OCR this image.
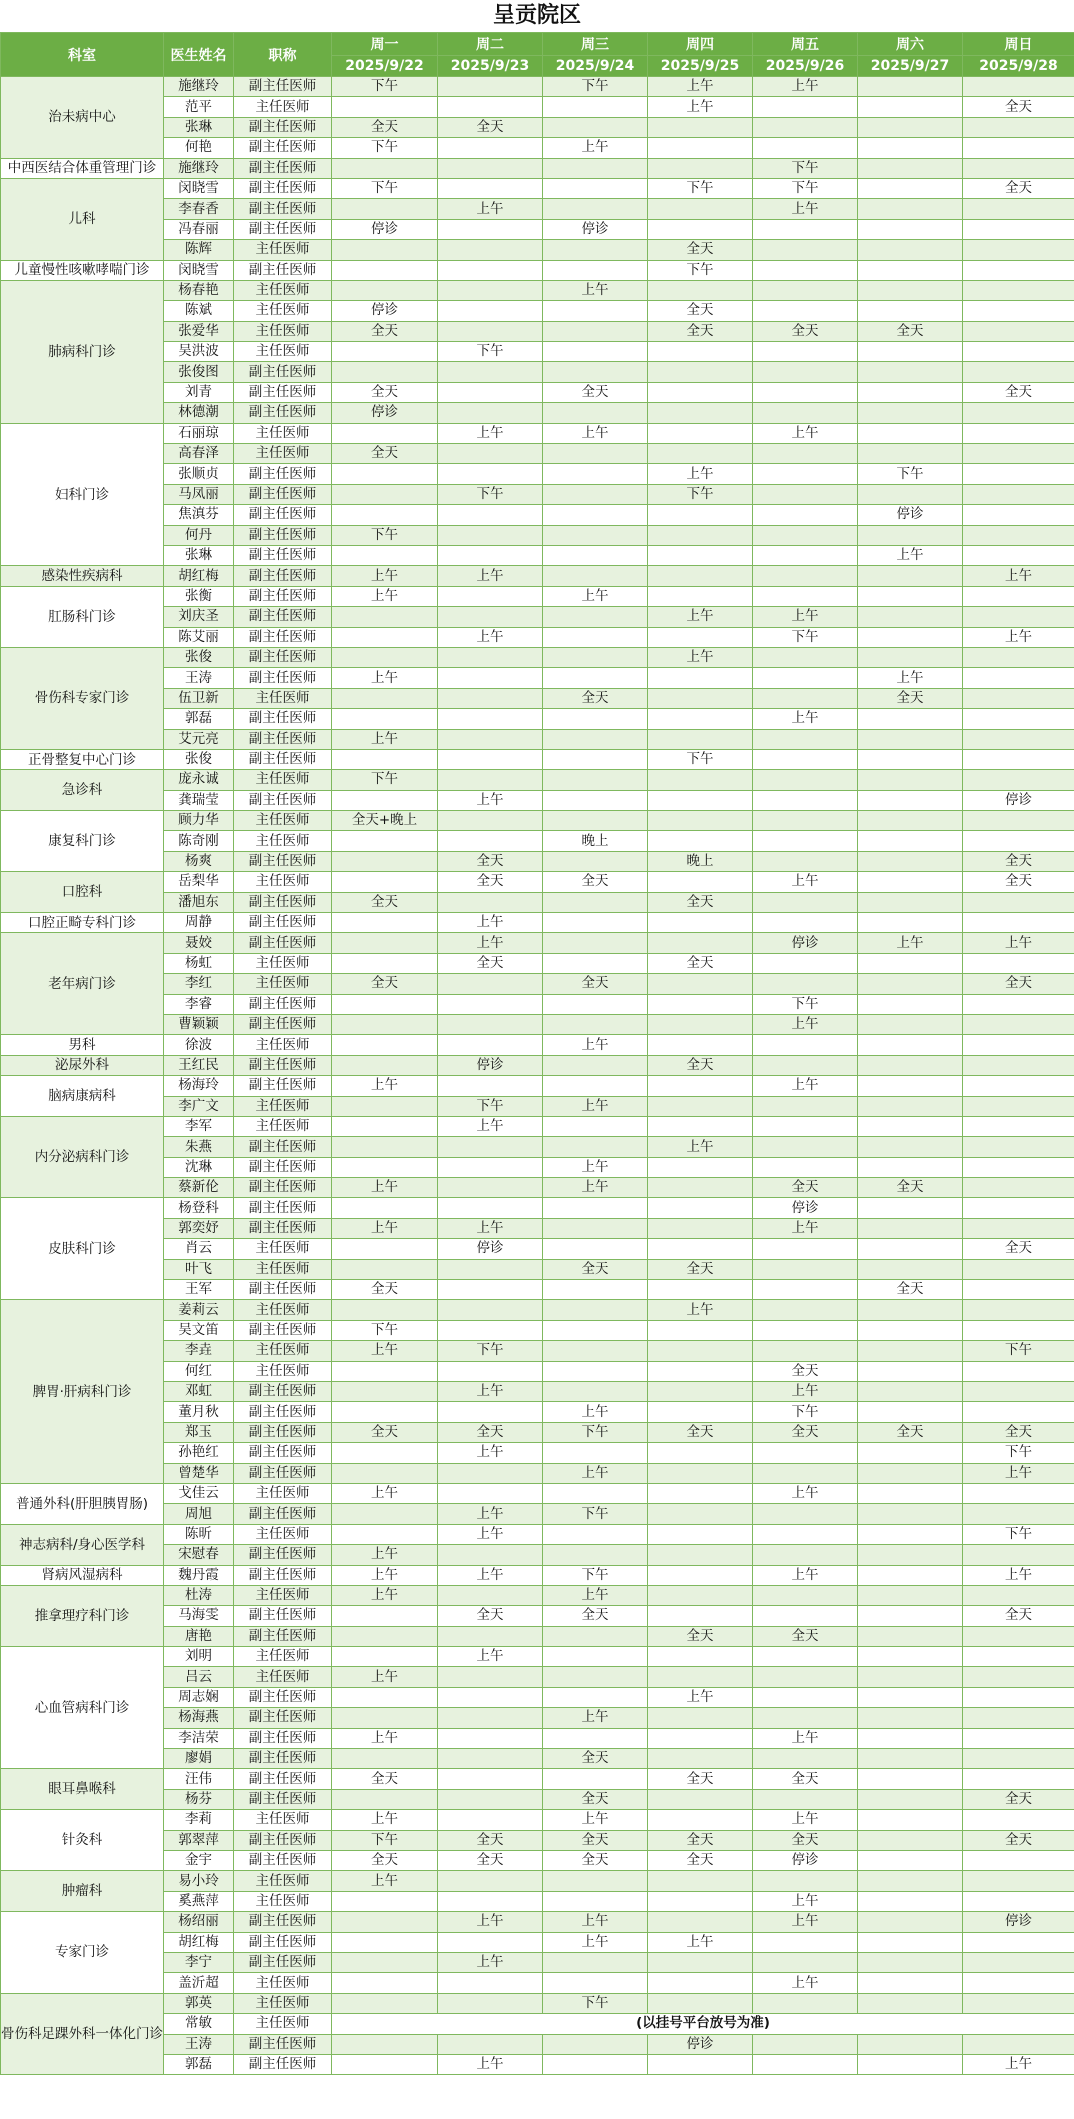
呈贡院区
科室	医生姓名	职称	周一	周二	周三	周四	周五	周六	周日
			2025/9/22	2025/9/23	2025/9/24	2025/9/25	2025/9/26	2025/9/27	2025/9/28
治未病中心	施继玲	副主任医师	下午		下午	上午	上午		
	范平	主任医师				上午			全天
	张琳	副主任医师	全天	全天					
	何艳	副主任医师	下午		上午				
中西医结合体重管理门诊	施继玲	副主任医师					下午		
儿科	闵晓雪	副主任医师	下午			下午	下午		全天
	李春香	副主任医师		上午			上午		
	冯春丽	副主任医师	停诊		停诊				
	陈辉	主任医师				全天			
儿童慢性咳嗽哮喘门诊	闵晓雪	副主任医师				下午			
肺病科门诊	杨春艳	主任医师			上午				
	陈斌	主任医师	停诊			全天			
	张爱华	主任医师	全天			全天	全天	全天	
	吴洪波	主任医师		下午					
	张俊图	副主任医师							
	刘青	副主任医师	全天		全天				全天
	林德潮	副主任医师	停诊						
妇科门诊	石丽琼	主任医师		上午	上午		上午		
	高春泽	主任医师	全天						
	张顺贞	副主任医师				上午		下午	
	马凤丽	副主任医师		下午		下午			
	焦滇芬	副主任医师						停诊	
	何丹	副主任医师	下午						
	张琳	副主任医师						上午	
感染性疾病科	胡红梅	副主任医师	上午	上午					上午
肛肠科门诊	张衡	副主任医师	上午		上午				
	刘庆圣	副主任医师				上午	上午		
	陈艾丽	副主任医师		上午			下午		上午
骨伤科专家门诊	张俊	副主任医师				上午			
	王涛	副主任医师	上午					上午	
	伍卫新	主任医师			全天			全天	
	郭磊	副主任医师					上午		
	艾元亮	副主任医师	上午						
正骨整复中心门诊	张俊	副主任医师				下午			
急诊科	庞永诚	主任医师	下午						
	龚瑞莹	副主任医师		上午					停诊
康复科门诊	顾力华	主任医师	全天+晚上						
	陈奇刚	主任医师			晚上				
	杨爽	副主任医师		全天		晚上			全天
口腔科	岳梨华	主任医师		全天	全天		上午		全天
	潘旭东	副主任医师	全天			全天			
口腔正畸专科门诊	周静	副主任医师		上午					
老年病门诊	聂姣	副主任医师		上午			停诊	上午	上午
	杨虹	主任医师		全天		全天			
	李红	主任医师	全天		全天				全天
	李睿	副主任医师					下午		
	曹颖颖	副主任医师					上午		
男科	徐波	主任医师			上午				
泌尿外科	王红民	副主任医师		停诊		全天			
脑病康病科	杨海玲	副主任医师	上午				上午		
	李广文	主任医师		下午	上午				
内分泌病科门诊	李军	主任医师		上午					
	朱燕	副主任医师				上午			
	沈琳	副主任医师			上午				
	蔡新伦	副主任医师	上午		上午		全天	全天	
皮肤科门诊	杨登科	副主任医师					停诊		
	郭奕妤	副主任医师	上午	上午			上午		
	肖云	主任医师		停诊					全天
	叶飞	主任医师			全天	全天			
	王军	副主任医师	全天					全天	
脾胃·肝病科门诊	姜莉云	主任医师				上午			
	吴文笛	副主任医师	下午						
	李垚	主任医师	上午	下午					下午
	何红	主任医师					全天		
	邓虹	副主任医师		上午			上午		
	董月秋	副主任医师			上午		下午		
	郑玉	副主任医师	全天	全天	下午	全天	全天	全天	全天
	孙艳红	副主任医师		上午					下午
	曾楚华	副主任医师			上午				上午
普通外科(肝胆胰胃肠)	戈佳云	主任医师	上午				上午		
	周旭	副主任医师		上午	下午				
神志病科/身心医学科	陈昕	主任医师		上午					下午
	宋慰春	副主任医师	上午						
肾病风湿病科	魏丹霞	副主任医师	上午	上午	下午		上午		上午
推拿理疗科门诊	杜涛	主任医师	上午		上午				
	马海雯	副主任医师		全天	全天				全天
	唐艳	副主任医师				全天	全天		
心血管病科门诊	刘明	主任医师		上午					
	吕云	主任医师	上午						
	周志娴	副主任医师				上午			
	杨海燕	副主任医师			上午				
	李洁荣	副主任医师	上午				上午		
	廖娟	副主任医师			全天				
眼耳鼻喉科	汪伟	副主任医师	全天			全天	全天		
	杨芬	副主任医师			全天				全天
针灸科	李莉	主任医师	上午		上午		上午		
	郭翠萍	副主任医师	下午	全天	全天	全天	全天		全天
	金宇	副主任医师	全天	全天	全天	全天	停诊		
肿瘤科	易小玲	主任医师	上午						
	奚燕萍	主任医师					上午		
专家门诊	杨绍丽	副主任医师		上午	上午		上午		停诊
	胡红梅	副主任医师			上午	上午			
	李宁	副主任医师		上午					
	盖沂超	主任医师					上午		
骨伤科足踝外科一体化门诊	郭英	主任医师			下午				
	常敏	主任医师	(以挂号平台放号为准)						
	王涛	副主任医师				停诊			
	郭磊	副主任医师		上午					上午
